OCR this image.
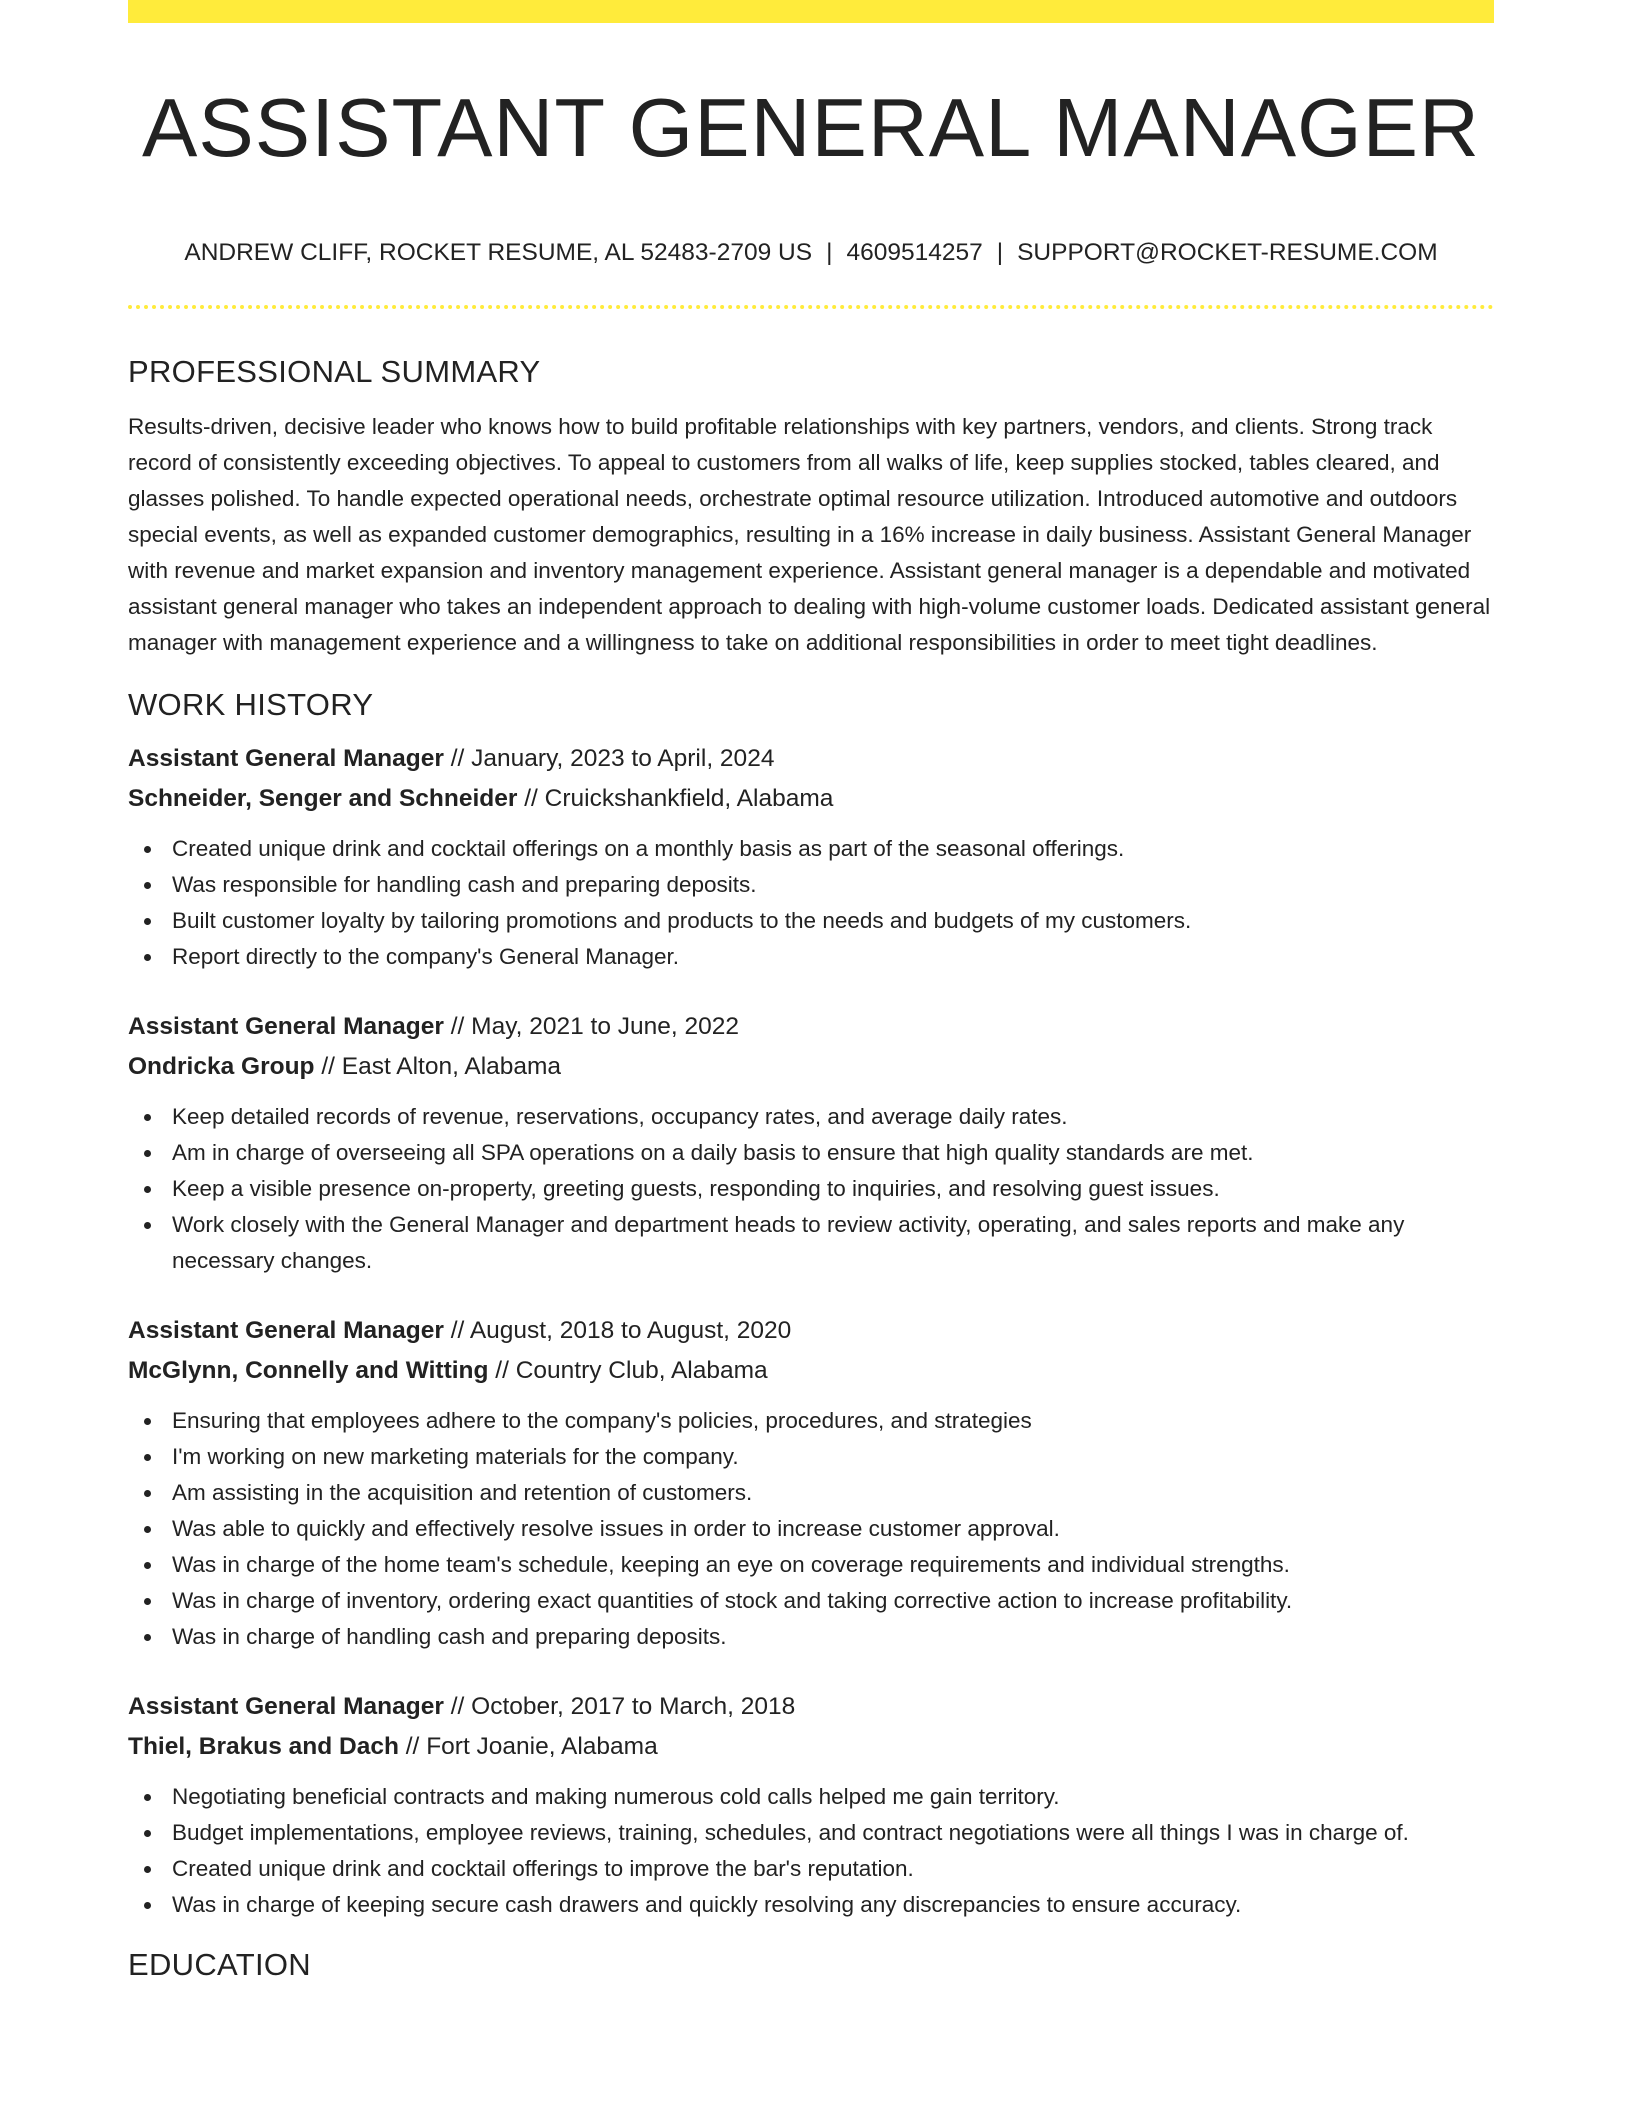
ASSISTANT GENERAL MANAGER
ANDREW CLIFF, ROCKET RESUME, AL 52483-2709 US | 4609514257 | SUPPORT@ROCKET-RESUME.COM
PROFESSIONAL SUMMARY

Results-driven, decisive leader who knows how to build profitable relationships with key partners, vendors, and clients. Strong track record of consistently exceeding objectives. To appeal to customers from all walks of life, keep supplies stocked, tables cleared, and glasses polished. To handle expected operational needs, orchestrate optimal resource utilization. Introduced automotive and outdoors special events, as well as expanded customer demographics, resulting in a 16% increase in daily business. Assistant General Manager with revenue and market expansion and inventory management experience. Assistant general manager is a dependable and motivated assistant general manager who takes an independent approach to dealing with high-volume customer loads. Dedicated assistant general manager with management experience and a willingness to take on additional responsibilities in order to meet tight deadlines.

WORK HISTORY
Assistant General Manager // January, 2023 to April, 2024
Schneider, Senger and Schneider // Cruickshankfield, Alabama
Created unique drink and cocktail offerings on a monthly basis as part of the seasonal offerings.
Was responsible for handling cash and preparing deposits.
Built customer loyalty by tailoring promotions and products to the needs and budgets of my customers.
Report directly to the company's General Manager.
Assistant General Manager // May, 2021 to June, 2022
Ondricka Group // East Alton, Alabama
Keep detailed records of revenue, reservations, occupancy rates, and average daily rates.
Am in charge of overseeing all SPA operations on a daily basis to ensure that high quality standards are met.
Keep a visible presence on-property, greeting guests, responding to inquiries, and resolving guest issues.
Work closely with the General Manager and department heads to review activity, operating, and sales reports and make any necessary changes.
Assistant General Manager // August, 2018 to August, 2020
McGlynn, Connelly and Witting // Country Club, Alabama
Ensuring that employees adhere to the company's policies, procedures, and strategies
I'm working on new marketing materials for the company.
Am assisting in the acquisition and retention of customers.
Was able to quickly and effectively resolve issues in order to increase customer approval.
Was in charge of the home team's schedule, keeping an eye on coverage requirements and individual strengths.
Was in charge of inventory, ordering exact quantities of stock and taking corrective action to increase profitability.
Was in charge of handling cash and preparing deposits.
Assistant General Manager // October, 2017 to March, 2018
Thiel, Brakus and Dach // Fort Joanie, Alabama
Negotiating beneficial contracts and making numerous cold calls helped me gain territory.
Budget implementations, employee reviews, training, schedules, and contract negotiations were all things I was in charge of.
Created unique drink and cocktail offerings to improve the bar's reputation.
Was in charge of keeping secure cash drawers and quickly resolving any discrepancies to ensure accuracy.
EDUCATION
